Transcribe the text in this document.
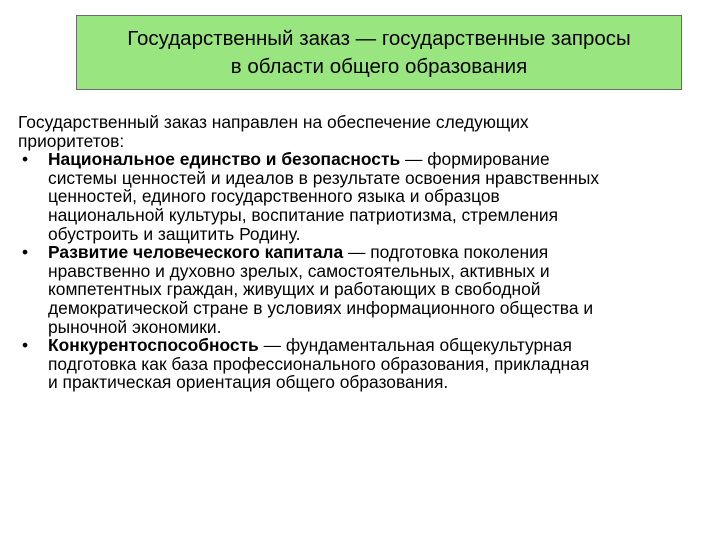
Государственный заказ — государственные запросы
в области общего образования

Государственный заказ направлен на обеспечение следующих
приоритетов:

• Национальное единство и безопасность — формирование
системы ценностей и идеалов в результате освоения нравственных
ценностей, единого государственного языка и образцов
национальной культуры, воспитание патриотизма, стремления
обустроить и защитить Родину.
• Развитие человеческого капитала — подготовка поколения
нравственно и духовно зрелых, самостоятельных, активных и
компетентных граждан, живущих и работающих в свободной
демократической стране в условиях информационного общества и
рыночной экономики.
• Конкурентоспособность — фундаментальная общекультурная
подготовка как база профессионального образования, прикладная
и практическая ориентация общего образования.
